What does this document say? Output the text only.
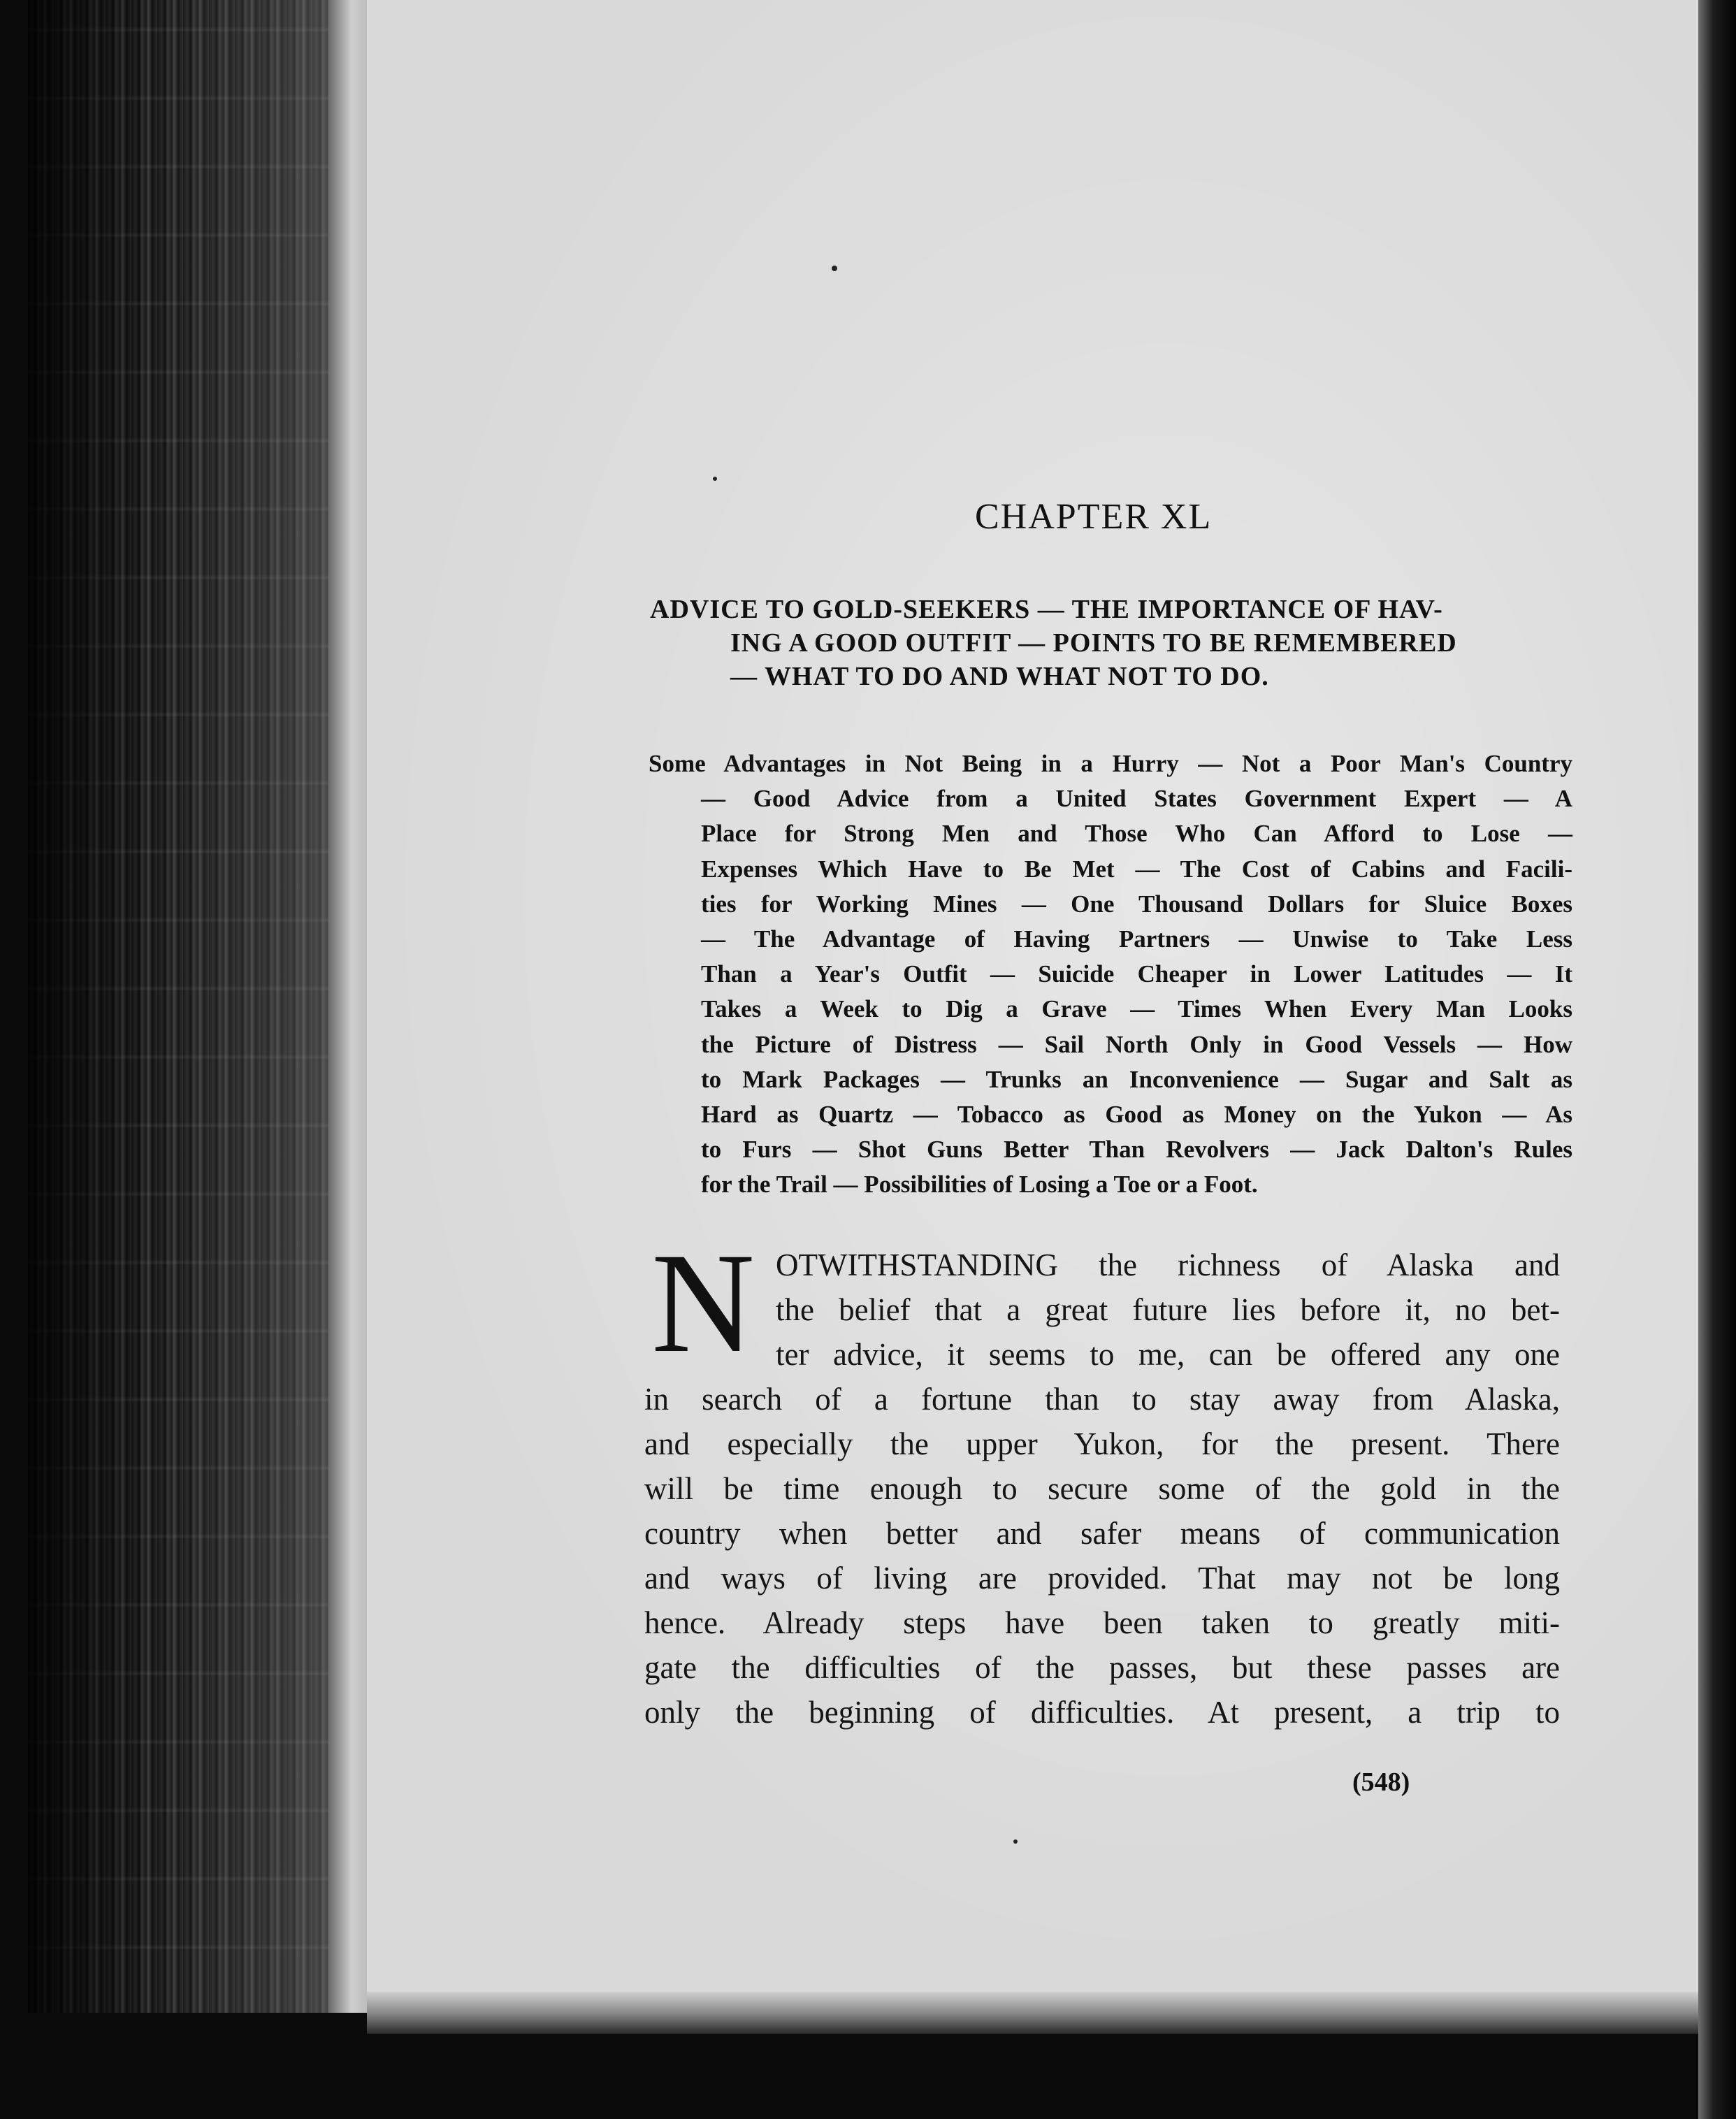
CHAPTER XL
ADVICE TO GOLD-SEEKERS — THE IMPORTANCE OF HAV-
ING A GOOD OUTFIT — POINTS TO BE REMEMBERED
— WHAT TO DO AND WHAT NOT TO DO.
Some Advantages in Not Being in a Hurry — Not a Poor Man's Country
— Good Advice from a United States Government Expert — A
Place for Strong Men and Those Who Can Afford to Lose —
Expenses Which Have to Be Met — The Cost of Cabins and Facili-
ties for Working Mines — One Thousand Dollars for Sluice Boxes
— The Advantage of Having Partners — Unwise to Take Less
Than a Year's Outfit — Suicide Cheaper in Lower Latitudes — It
Takes a Week to Dig a Grave — Times When Every Man Looks
the Picture of Distress — Sail North Only in Good Vessels — How
to Mark Packages — Trunks an Inconvenience — Sugar and Salt as
Hard as Quartz — Tobacco as Good as Money on the Yukon — As
to Furs — Shot Guns Better Than Revolvers — Jack Dalton's Rules
for the Trail — Possibilities of Losing a Toe or a Foot.
N OTWITHSTANDING the richness of Alaska and
the belief that a great future lies before it, no bet-
ter advice, it seems to me, can be offered any one
in search of a fortune than to stay away from Alaska,
and especially the upper Yukon, for the present. There
will be time enough to secure some of the gold in the
country when better and safer means of communication
and ways of living are provided. That may not be long
hence. Already steps have been taken to greatly miti-
gate the difficulties of the passes, but these passes are
only the beginning of difficulties. At present, a trip to
(548)
